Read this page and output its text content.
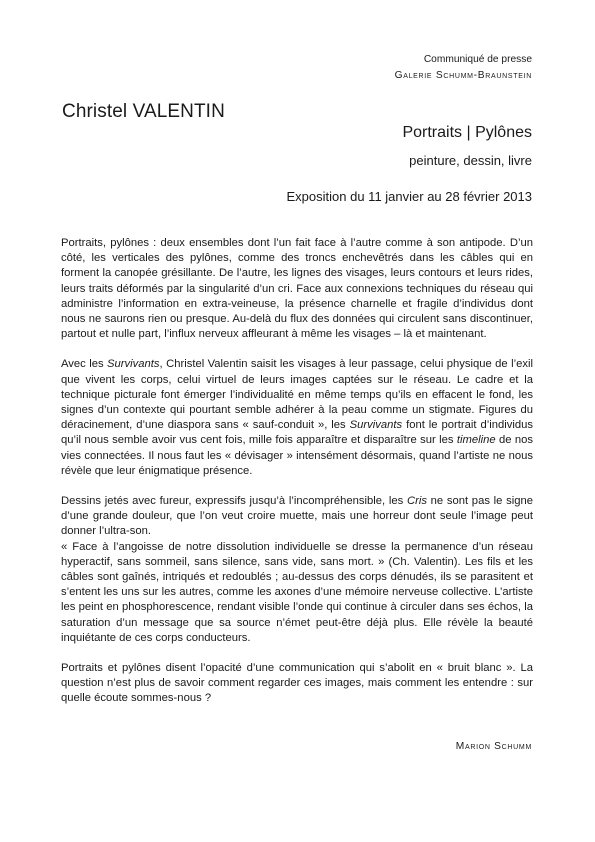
Communiqué de presse
Galerie Schumm-Braunstein
Christel VALENTIN
Portraits | Pylônes
peinture, dessin, livre
Exposition du 11 janvier au 28 février 2013

Portraits, pylônes : deux ensembles dont l’un fait face à l’autre comme à son antipode. D’un côté, les verticales des pylônes, comme des troncs enchevêtrés dans les câbles qui en forment la canopée grésillante. De l’autre, les lignes des visages, leurs contours et leurs rides, leurs traits déformés par la singularité d’un cri. Face aux connexions techniques du réseau qui administre l’information en extra-veineuse, la présence charnelle et fragile d’individus dont nous ne saurons rien ou presque. Au-delà du flux des données qui circulent sans discontinuer, partout et nulle part, l’influx nerveux affleurant à même les visages – là et maintenant.

Avec les Survivants, Christel Valentin saisit les visages à leur passage, celui physique de l’exil que vivent les corps, celui virtuel de leurs images captées sur le réseau. Le cadre et la technique picturale font émerger l’individualité en même temps qu’ils en effacent le fond, les signes d’un contexte qui pourtant semble adhérer à la peau comme un stigmate. Figures du déracinement, d’une diaspora sans « sauf-conduit », les Survivants font le portrait d’individus qu’il nous semble avoir vus cent fois, mille fois apparaître et disparaître sur les timeline de nos vies connectées. Il nous faut les « dévisager » intensément désormais, quand l’artiste ne nous révèle que leur énigmatique présence.

Dessins jetés avec fureur, expressifs jusqu’à l’incompréhensible, les Cris ne sont pas le signe d’une grande douleur, que l’on veut croire muette, mais une horreur dont seule l’image peut donner l’ultra-son.
« Face à l’angoisse de notre dissolution individuelle se dresse la permanence d’un réseau hyperactif, sans sommeil, sans silence, sans vide, sans mort. » (Ch. Valentin). Les fils et les câbles sont gaînés, intriqués et redoublés ; au-dessus des corps dénudés, ils se parasitent et s’entent les uns sur les autres, comme les axones d’une mémoire nerveuse collective. L’artiste les peint en phosphorescence, rendant visible l’onde qui continue à circuler dans ses échos, la saturation d’un message que sa source n’émet peut-être déjà plus. Elle révèle la beauté inquiétante de ces corps conducteurs.

Portraits et pylônes disent l’opacité d’une communication qui s’abolit en « bruit blanc ». La question n’est plus de savoir comment regarder ces images, mais comment les entendre : sur quelle écoute sommes-nous ?

Marion Schumm
